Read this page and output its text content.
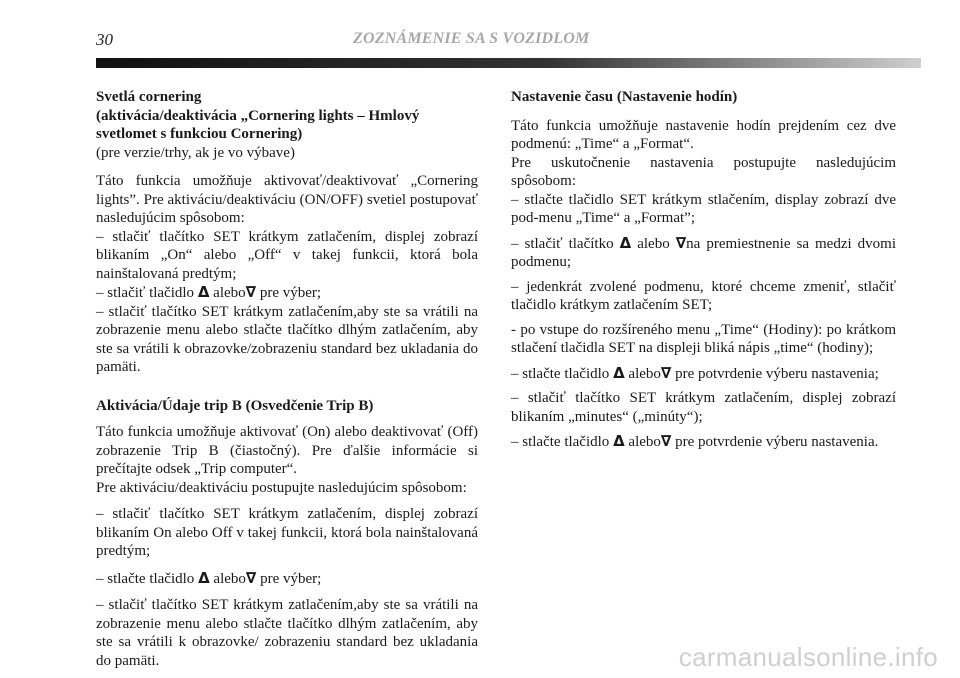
30	ZOZNÁMENIE SA S VOZIDLOM

Svetlá cornering
(aktivácia/deaktivácia „Cornering lights – Hmlový
svetlomet s funkciou Cornering)
(pre verzie/trhy, ak je vo výbave)

Táto funkcia umožňuje aktivovať/deaktivovať „Cornering lights”. Pre aktiváciu/deaktiváciu (ON/OFF) svetiel postupovať nasledujúcim spôsobom:

– stlačiť tlačítko SET krátkym zatlačením, displej zobrazí blikaním „On“ alebo „Off“ v takej funkcii, ktorá bola nainštalovaná predtým;

– stlačiť tlačidlo Δ alebo∇ pre výber;

– stlačiť tlačítko SET krátkym zatlačením,aby ste sa vrátili na zobrazenie menu alebo stlačte tlačítko dlhým zatlačením, aby ste sa vrátili k obrazovke/zobrazeniu standard bez ukladania do pamäti.

Aktivácia/Údaje trip B (Osvedčenie Trip B)

Táto funkcia umožňuje aktivovať (On) alebo deaktivovať (Off) zobrazenie Trip B (čiastočný). Pre ďalšie informácie si prečítajte odsek „Trip computer“.

Pre aktiváciu/deaktiváciu postupujte nasledujúcim spôsobom:

– stlačiť tlačítko SET krátkym zatlačením, displej zobrazí blikaním On alebo Off v takej funkcii, ktorá bola nainštalovaná predtým;

– stlačte tlačidlo Δ alebo∇ pre výber;

– stlačiť tlačítko SET krátkym zatlačením,aby ste sa vrátili na zobrazenie menu alebo stlačte tlačítko dlhým zatlačením, aby ste sa vrátili k obrazovke/ zobrazeniu standard bez ukladania do pamäti.

Nastavenie času (Nastavenie hodín)

Táto funkcia umožňuje nastavenie hodín prejdením cez dve podmenú: „Time“ a „Format“.

Pre uskutočnenie nastavenia postupujte nasledujúcim spôsobom:

– stlačte tlačidlo SET krátkym stlačením, display zobrazí dve pod-menu „Time“ a „Format”;

– stlačiť tlačítko Δ alebo ∇na premiestnenie sa medzi dvomi podmenu;

– jedenkrát zvolené podmenu, ktoré chceme zmeniť, stlačiť tlačidlo krátkym zatlačením SET;

- po vstupe do rozšíreného menu „Time“ (Hodiny): po krátkom stlačení tlačidla SET na displeji bliká nápis „time“ (hodiny);

– stlačte tlačidlo Δ alebo∇ pre potvrdenie výberu nastavenia;

– stlačiť tlačítko SET krátkym zatlačením, displej zobrazí blikaním „minutes“ („minúty“);

– stlačte tlačidlo Δ alebo∇ pre potvrdenie výberu nastavenia.

carmanualsonline.info
